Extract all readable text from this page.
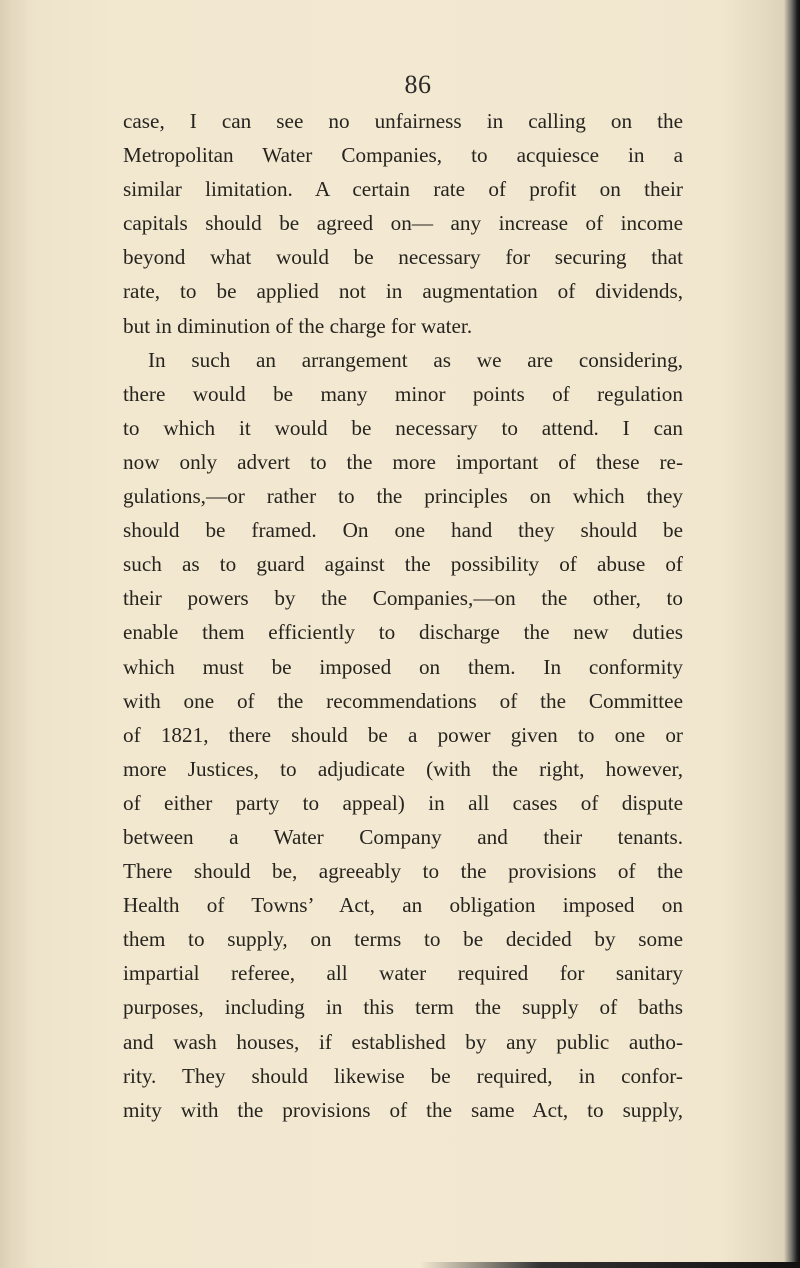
86
case, I can see no unfairness in calling on the
Metropolitan Water Companies, to acquiesce in a
similar limitation. A certain rate of profit on their
capitals should be agreed on— any increase of income
beyond what would be necessary for securing that
rate, to be applied not in augmentation of dividends,
but in diminution of the charge for water.
In such an arrangement as we are considering,
there would be many minor points of regulation
to which it would be necessary to attend. I can
now only advert to the more important of these re-
gulations,—or rather to the principles on which they
should be framed. On one hand they should be
such as to guard against the possibility of abuse of
their powers by the Companies,—on the other, to
enable them efficiently to discharge the new duties
which must be imposed on them. In conformity
with one of the recommendations of the Committee
of 1821, there should be a power given to one or
more Justices, to adjudicate (with the right, however,
of either party to appeal) in all cases of dispute
between a Water Company and their tenants.
There should be, agreeably to the provisions of the
Health of Towns’ Act, an obligation imposed on
them to supply, on terms to be decided by some
impartial referee, all water required for sanitary
purposes, including in this term the supply of baths
and wash houses, if established by any public autho-
rity. They should likewise be required, in confor-
mity with the provisions of the same Act, to supply,
